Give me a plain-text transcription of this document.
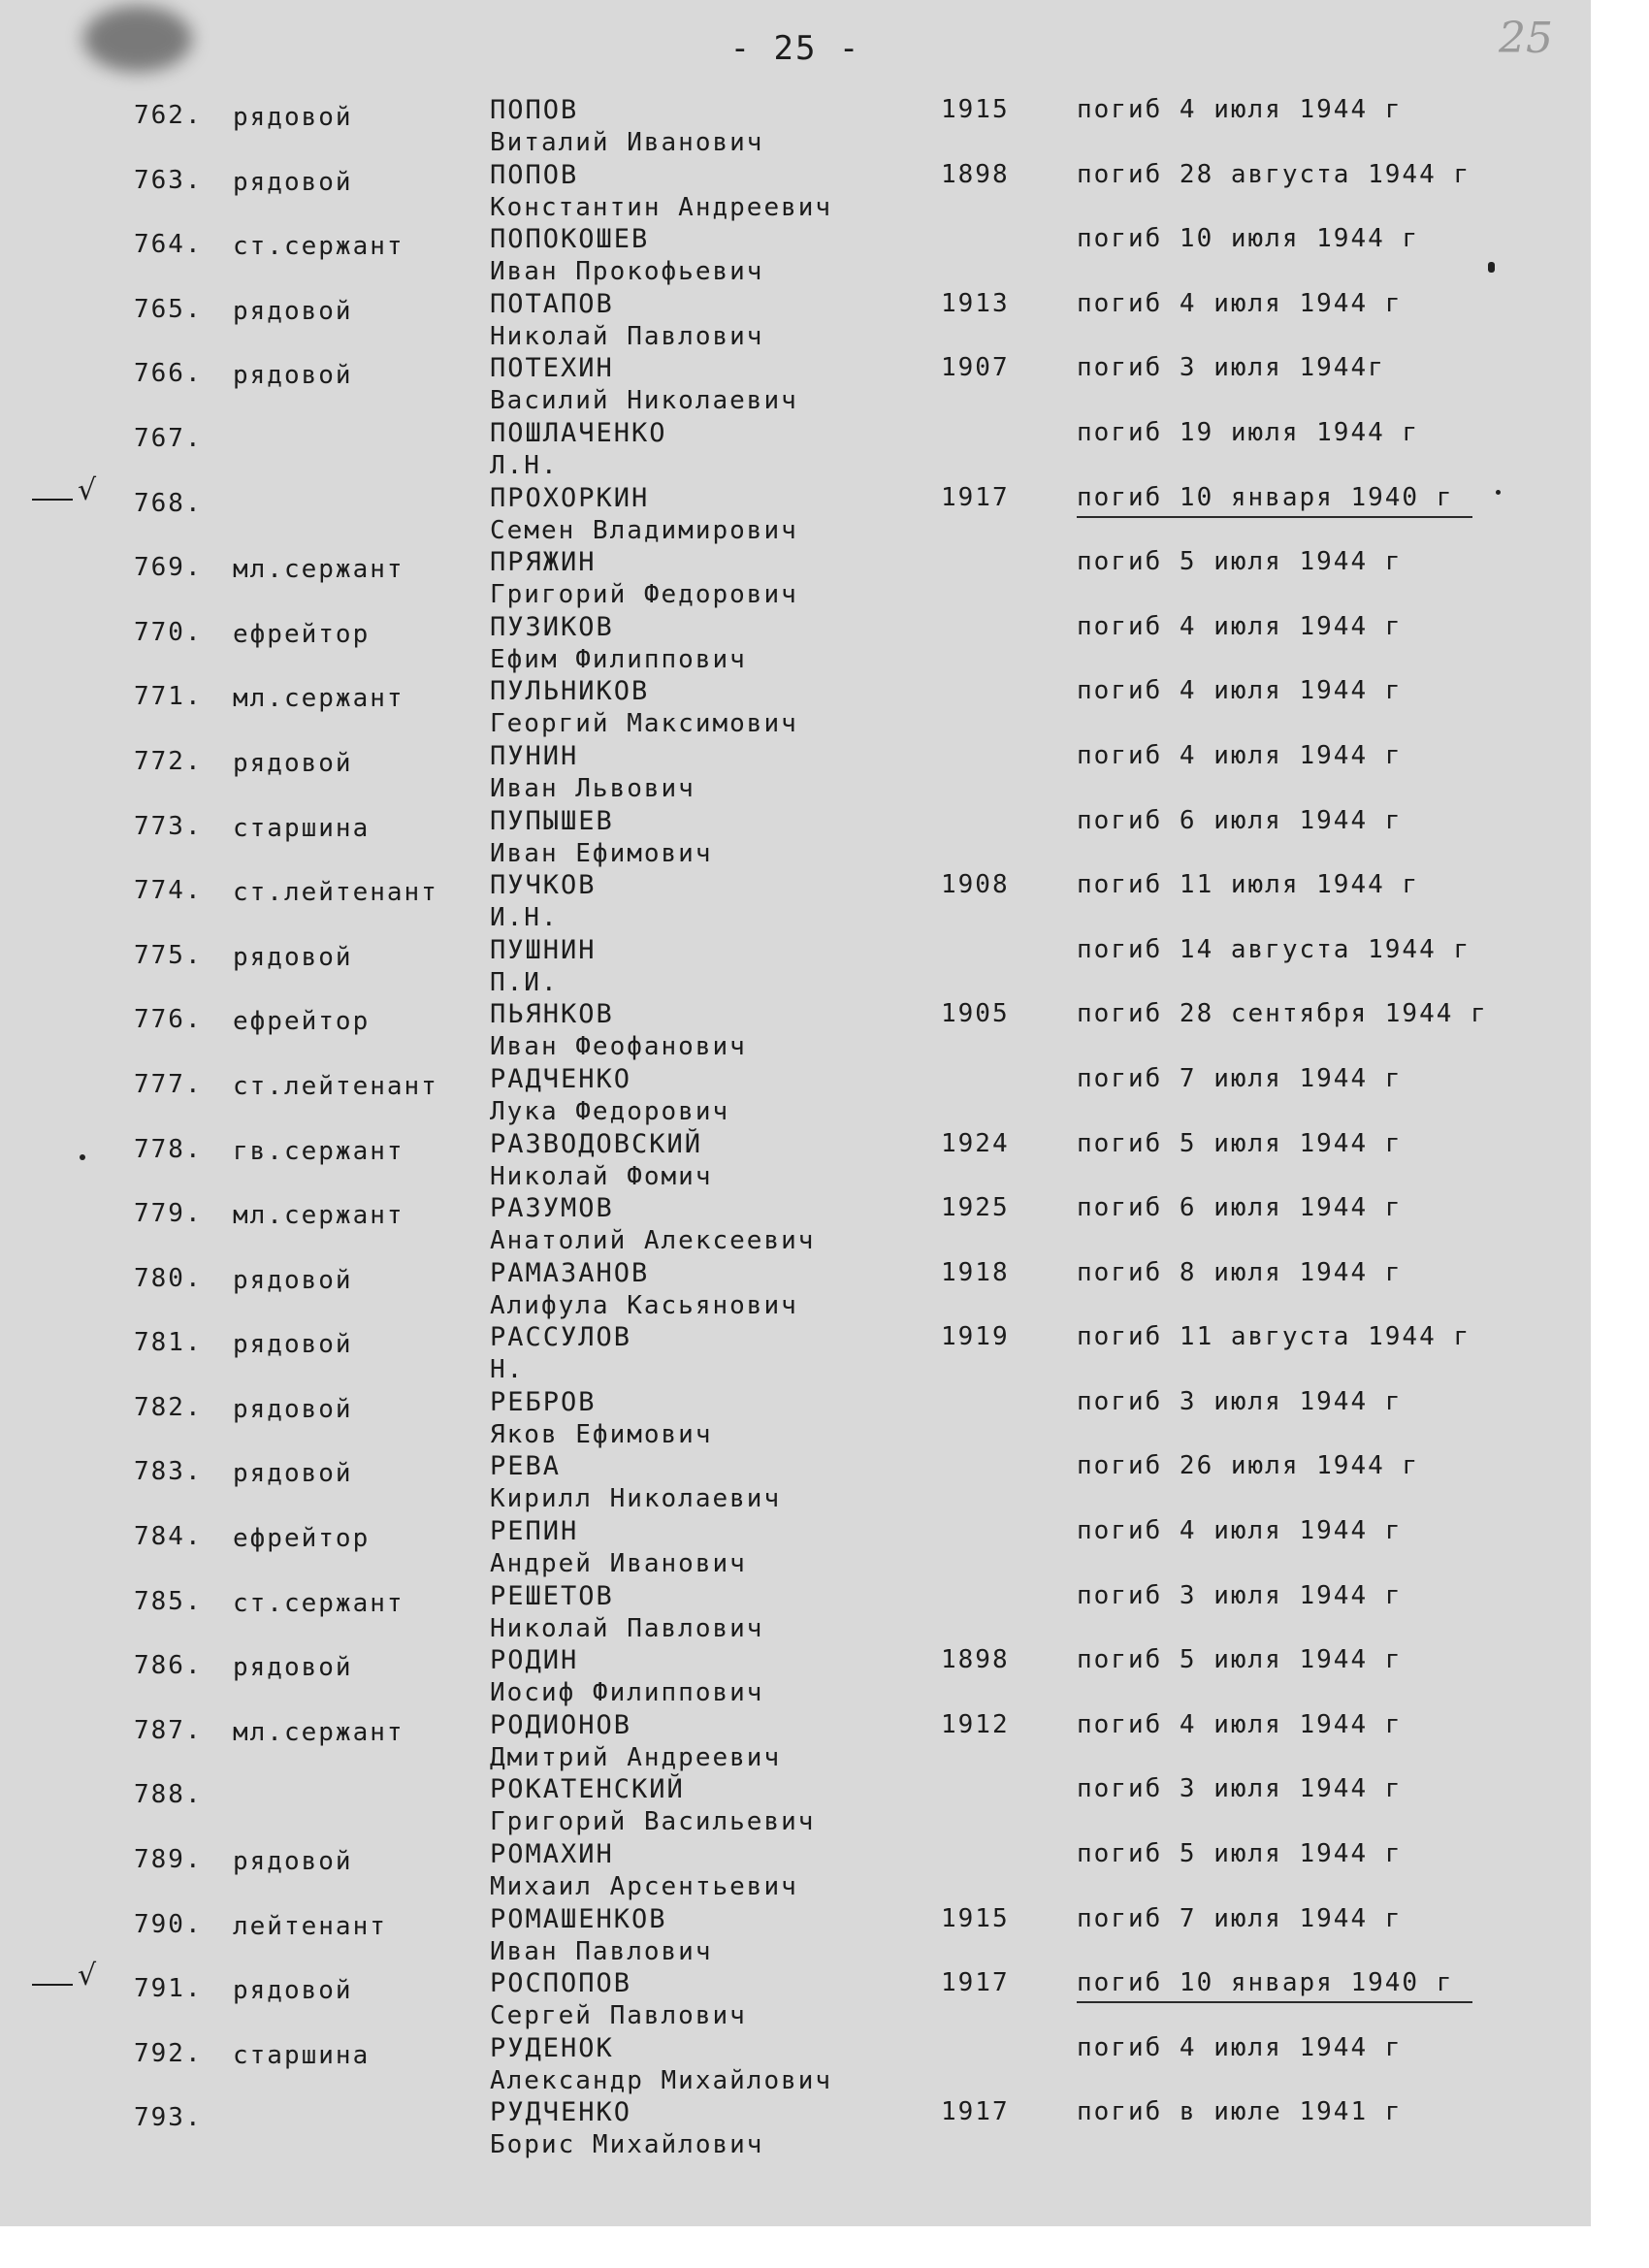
- 25 -	25
762. рядовой	ПОПОВ
Виталий Иванович
1915	погиб 4 июля 1944 г
763. рядовой	ПОПОВ
Константин Андреевич
1898	погиб 28 августа 1944 г
764. ст.сержант	ПОПОКОШЕВ
Иван Прокофьевич
погиб 10 июля 1944 г
765. рядовой	ПОТАПОВ
Николай Павлович
1913	погиб 4 июля 1944 г
766. рядовой	ПОТЕХИН
Василий Николаевич
1907	погиб 3 июля 1944г
767.	ПОШЛАЧЕНКО
Л.Н.
погиб 19 июля 1944 г
√ 768.	ПРОХОРКИН
Семен Владимирович
1917	погиб 10 января 1940 г
769. мл.сержант	ПРЯЖИН
Григорий Федорович
погиб 5 июля 1944 г
770. ефрейтор	ПУЗИКОВ
Ефим Филиппович
погиб 4 июля 1944 г
771. мл.сержант	ПУЛЬНИКОВ
Георгий Максимович
погиб 4 июля 1944 г
772. рядовой	ПУНИН
Иван Львович
погиб 4 июля 1944 г
773. старшина	ПУПЫШЕВ
Иван Ефимович
погиб 6 июля 1944 г
774. ст.лейтенант ПУЧКОВ
И.Н.
1908	погиб 11 июля 1944 г
775. рядовой	ПУШНИН
П.И.
погиб 14 августа 1944 г
776. ефрейтор	ПЬЯНКОВ
Иван Феофанович
1905	погиб 28 сентября 1944 г
777. ст.лейтенант РАДЧЕНКО
Лука Федорович
погиб 7 июля 1944 г
778. гв.сержант	РАЗВОДОВСКИЙ
Николай Фомич
1924	погиб 5 июля 1944 г
779. мл.сержант	РАЗУМОВ
Анатолий Алексеевич
1925	погиб 6 июля 1944 г
780. рядовой	РАМАЗАНОВ
Алифула Касьянович
1918	погиб 8 июля 1944 г
781. рядовой	РАССУЛОВ
Н.
1919	погиб 11 августа 1944 г
782. рядовой	РЕБРОВ
Яков Ефимович
погиб 3 июля 1944 г
783. рядовой	РЕВА
Кирилл Николаевич
погиб 26 июля 1944 г
784. ефрейтор	РЕПИН
Андрей Иванович
погиб 4 июля 1944 г
785. ст.сержант	РЕШЕТОВ
Николай Павлович
погиб 3 июля 1944 г
786. рядовой	РОДИН
Иосиф Филиппович
1898	погиб 5 июля 1944 г
787. мл.сержант	РОДИОНОВ
Дмитрий Андреевич
1912	погиб 4 июля 1944 г
788.	РОКАТЕНСКИЙ
Григорий Васильевич
погиб 3 июля 1944 г
789. рядовой	РОМАХИН
Михаил Арсентьевич
погиб 5 июля 1944 г
790. лейтенант	РОМАШЕНКОВ
Иван Павлович
1915	погиб 7 июля 1944 г
√ 791. рядовой	РОСПОПОВ
Сергей Павлович
1917	погиб 10 января 1940 г
792. старшина	РУДЕНОК
Александр Михайлович
погиб 4 июля 1944 г
793.	РУДЧЕНКО
Борис Михайлович
1917	погиб в июле 1941 г
